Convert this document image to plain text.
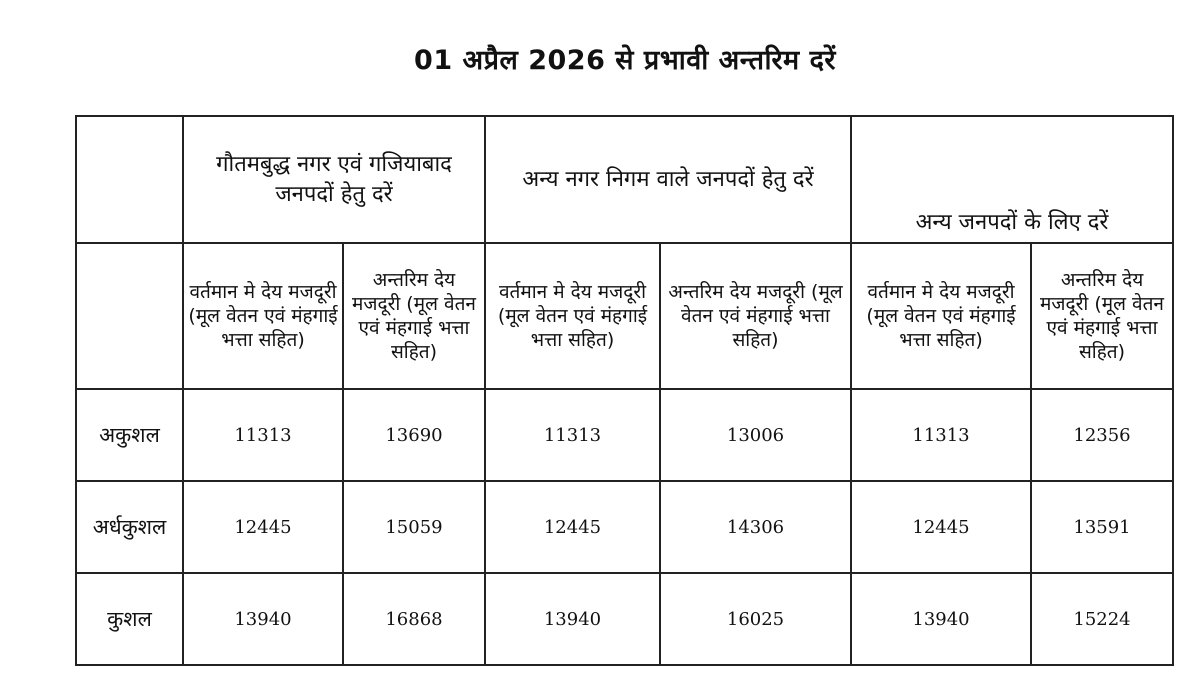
01 अप्रैल 2026 से प्रभावी अन्तरिम दरें
	गौतमबुद्ध नगर एवं गजियाबाद जनपदों हेतु दरें		अन्य नगर निगम वाले जनपदों हेतु दरें		अन्य जनपदों के लिए दरें	
	वर्तमान मे देय मजदूरी (मूल वेतन एवं मंहगाई भत्ता सहित)	अन्तरिम देय मजदूरी (मूल वेतन एवं मंहगाई भत्ता सहित)	वर्तमान मे देय मजदूरी (मूल वेतन एवं मंहगाई भत्ता सहित)	अन्तरिम देय मजदूरी (मूल वेतन एवं मंहगाई भत्ता सहित)	वर्तमान मे देय मजदूरी (मूल वेतन एवं मंहगाई भत्ता सहित)	अन्तरिम देय मजदूरी (मूल वेतन एवं मंहगाई भत्ता सहित)
अकुशल	11313	13690	11313	13006	11313	12356
अर्धकुशल	12445	15059	12445	14306	12445	13591
कुशल	13940	16868	13940	16025	13940	15224
